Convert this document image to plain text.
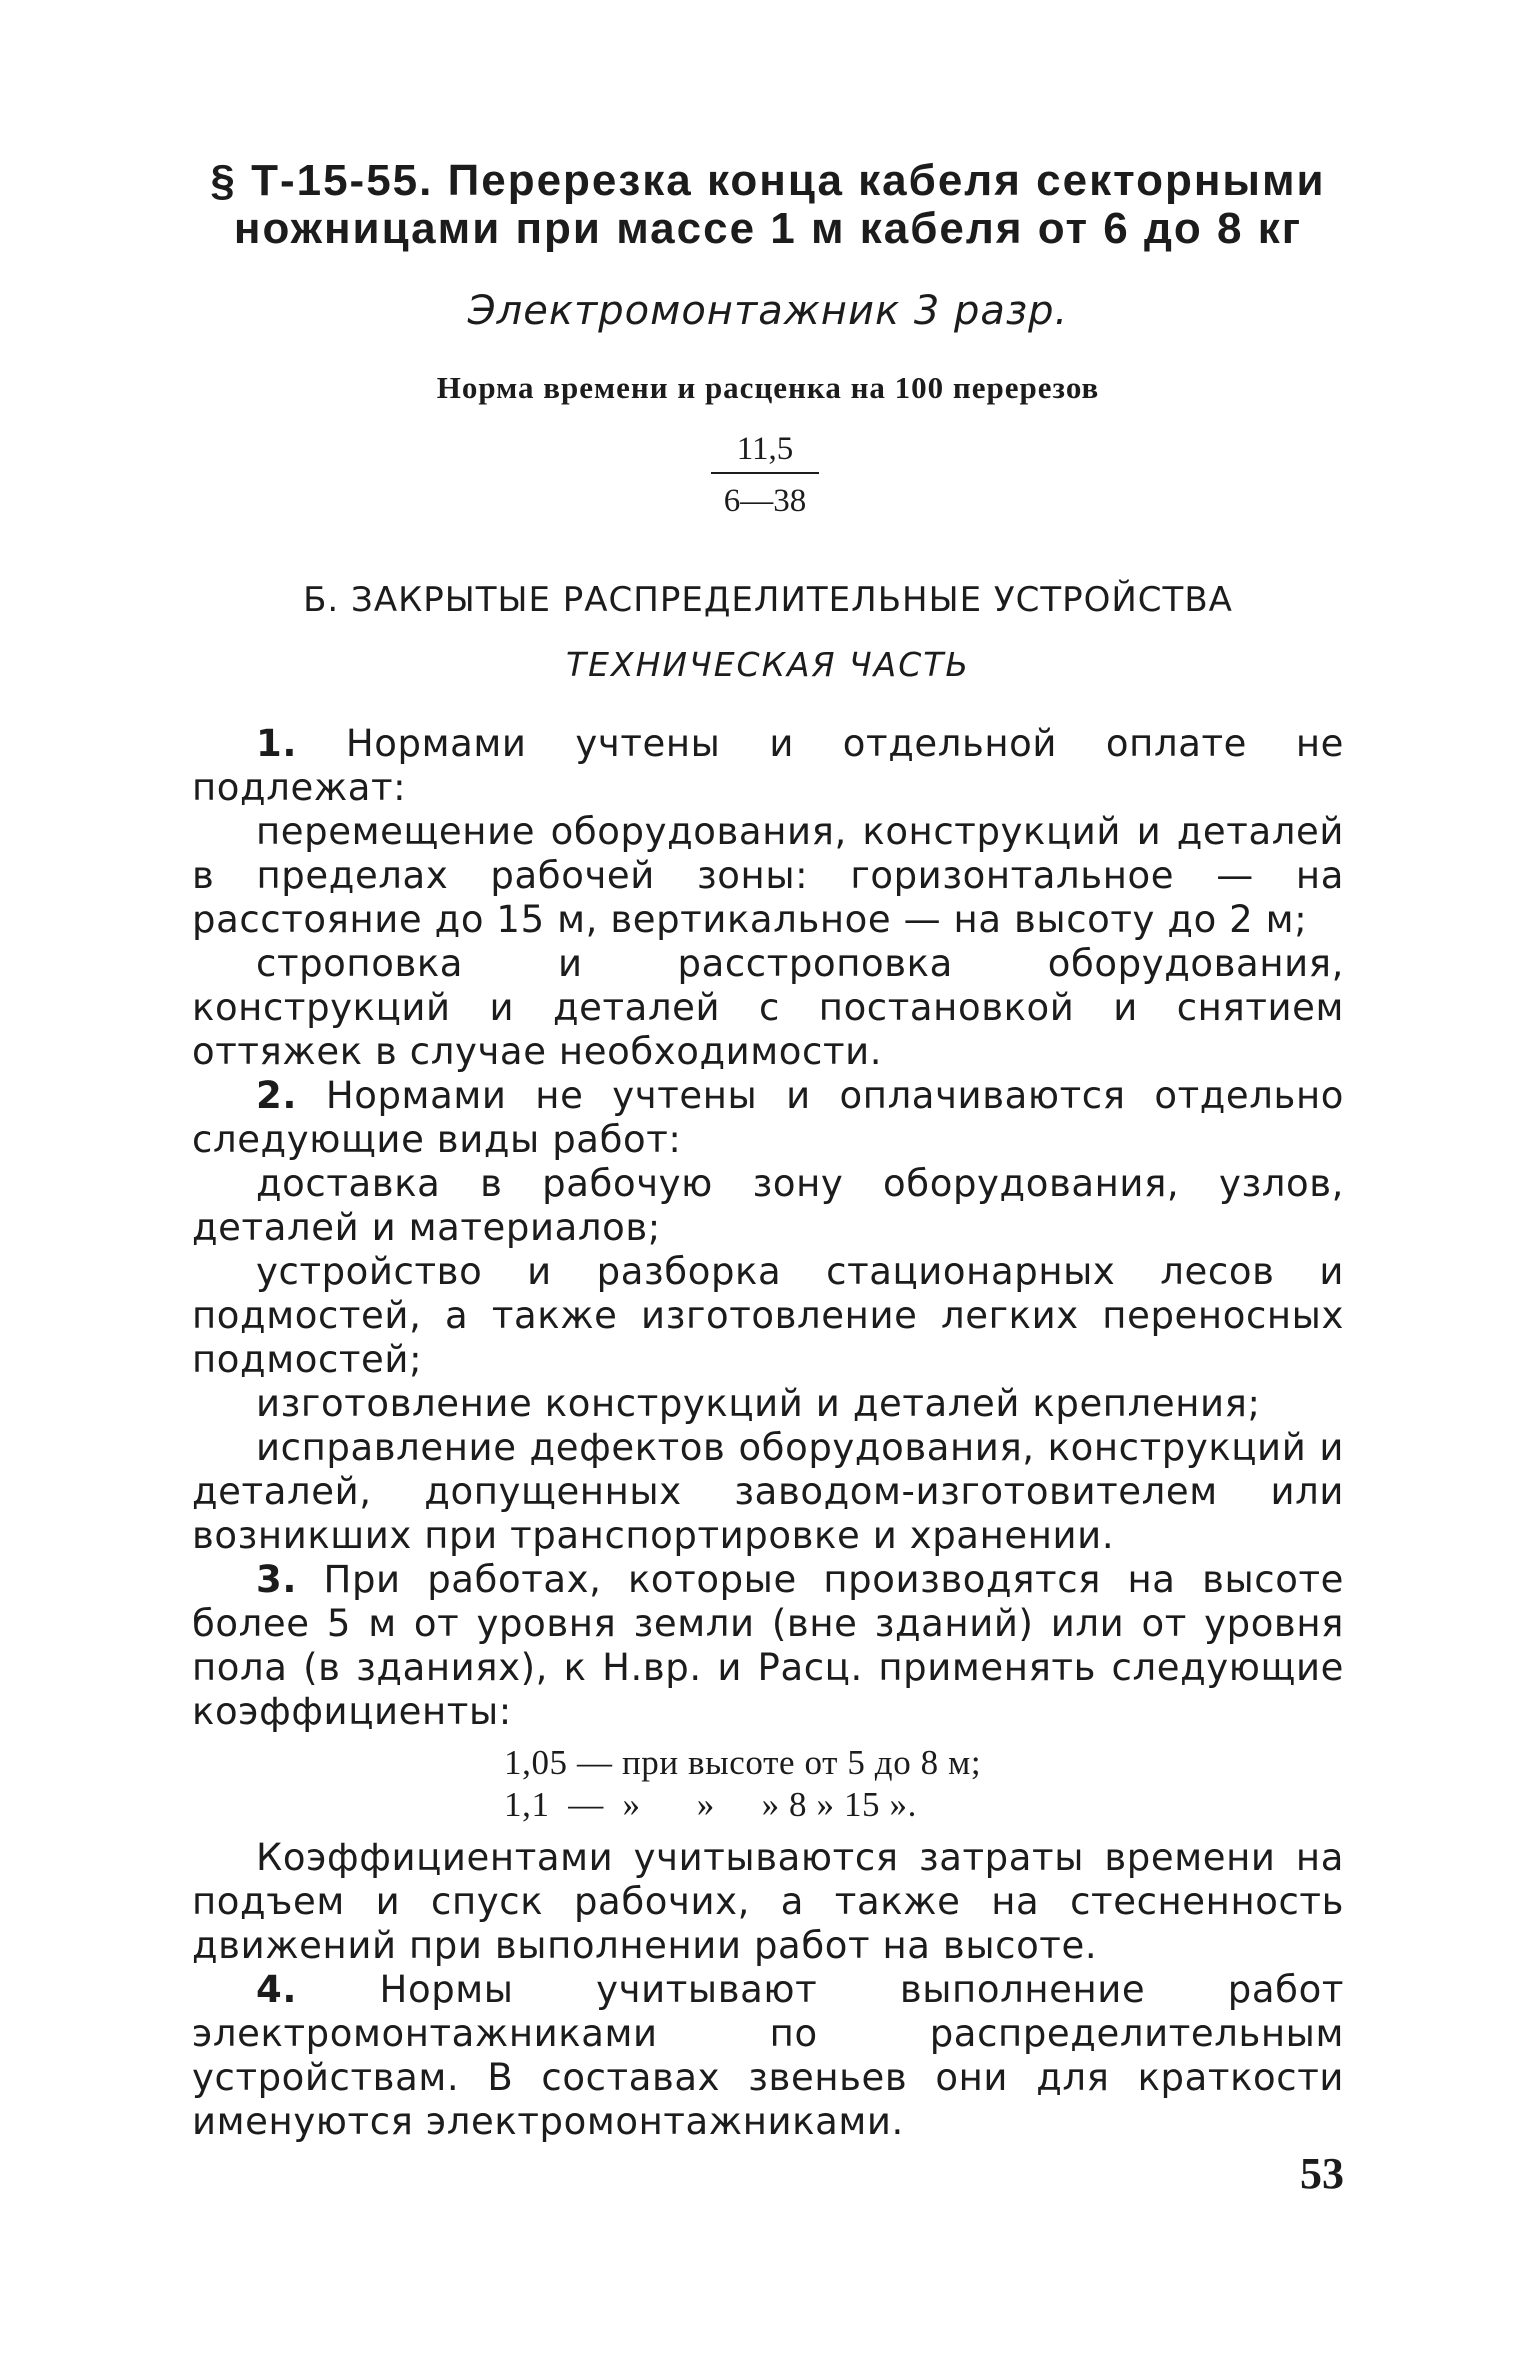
§ Т-15-55. Перерезка конца кабеля секторными
ножницами при массе 1 м кабеля от 6 до 8 кг
Электромонтажник 3 разр.
Норма времени и расценка на 100 перерезов
11,5
6—38
Б. ЗАКРЫТЫЕ РАСПРЕДЕЛИТЕЛЬНЫЕ УСТРОЙСТВА
ТЕХНИЧЕСКАЯ ЧАСТЬ

1. Нормами учтены и отдельной оплате не подлежат:

перемещение оборудования, конструкций и деталей в пределах рабочей зоны: горизонтальное — на расстояние до 15 м, вертикальное — на высоту до 2 м;

строповка и расстроповка оборудования, конструкций и деталей с постановкой и снятием оттяжек в случае необходимости.

2. Нормами не учтены и оплачиваются отдельно следующие виды работ:

доставка в рабочую зону оборудования, узлов, деталей и материалов;

устройство и разборка стационарных лесов и подмостей, а также изготовление легких переносных подмостей;

изготовление конструкций и деталей крепления;

исправление дефектов оборудования, конструкций и деталей, допущенных заводом-изготовителем или возникших при транспортировке и хранении.

3. При работах, которые производятся на высоте более 5 м от уровня земли (вне зданий) или от уровня пола (в зданиях), к Н.вр. и Расц. применять следующие коэффициенты:

1,05 — при высоте от 5 до 8 м;
1,1  —  »      »     » 8 » 15 ».

Коэффициентами учитываются затраты времени на подъем и спуск рабочих, а также на стесненность движений при выполнении работ на высоте.

4. Нормы учитывают выполнение работ электромонтажниками по распределительным устройствам. В составах звеньев они для краткости именуются электромонтажниками.

53
